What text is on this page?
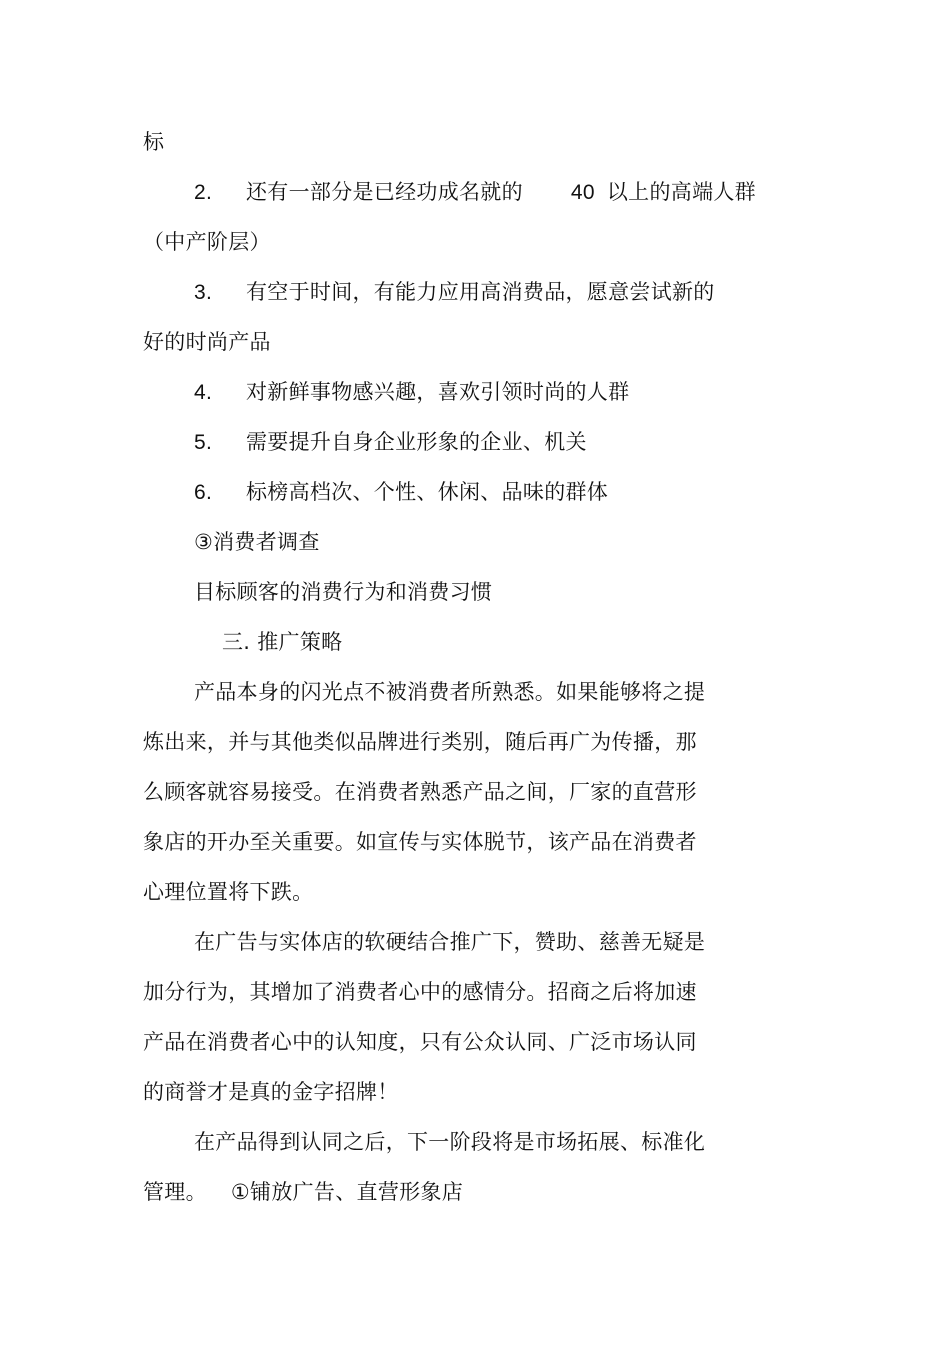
标
2. 还有一部分是已经功成名就的 40 以上的高端人群
（中产阶层）
3. 有空于时间，有能力应用高消费品，愿意尝试新的
好的时尚产品
4. 对新鲜事物感兴趣，喜欢引领时尚的人群
5. 需要提升自身企业形象的企业、机关
6. 标榜高档次、个性、休闲、品味的群体
③消费者调查
目标顾客的消费行为和消费习惯
三. 推广策略
产品本身的闪光点不被消费者所熟悉。如果能够将之提
炼出来，并与其他类似品牌进行类别，随后再广为传播，那
么顾客就容易接受。在消费者熟悉产品之间，厂家的直营形
象店的开办至关重要。如宣传与实体脱节，该产品在消费者
心理位置将下跌。
在广告与实体店的软硬结合推广下，赞助、慈善无疑是
加分行为，其增加了消费者心中的感情分。招商之后将加速
产品在消费者心中的认知度，只有公众认同、广泛市场认同
的商誉才是真的金字招牌！
在产品得到认同之后，下一阶段将是市场拓展、标准化
管理。 ①铺放广告、直营形象店
